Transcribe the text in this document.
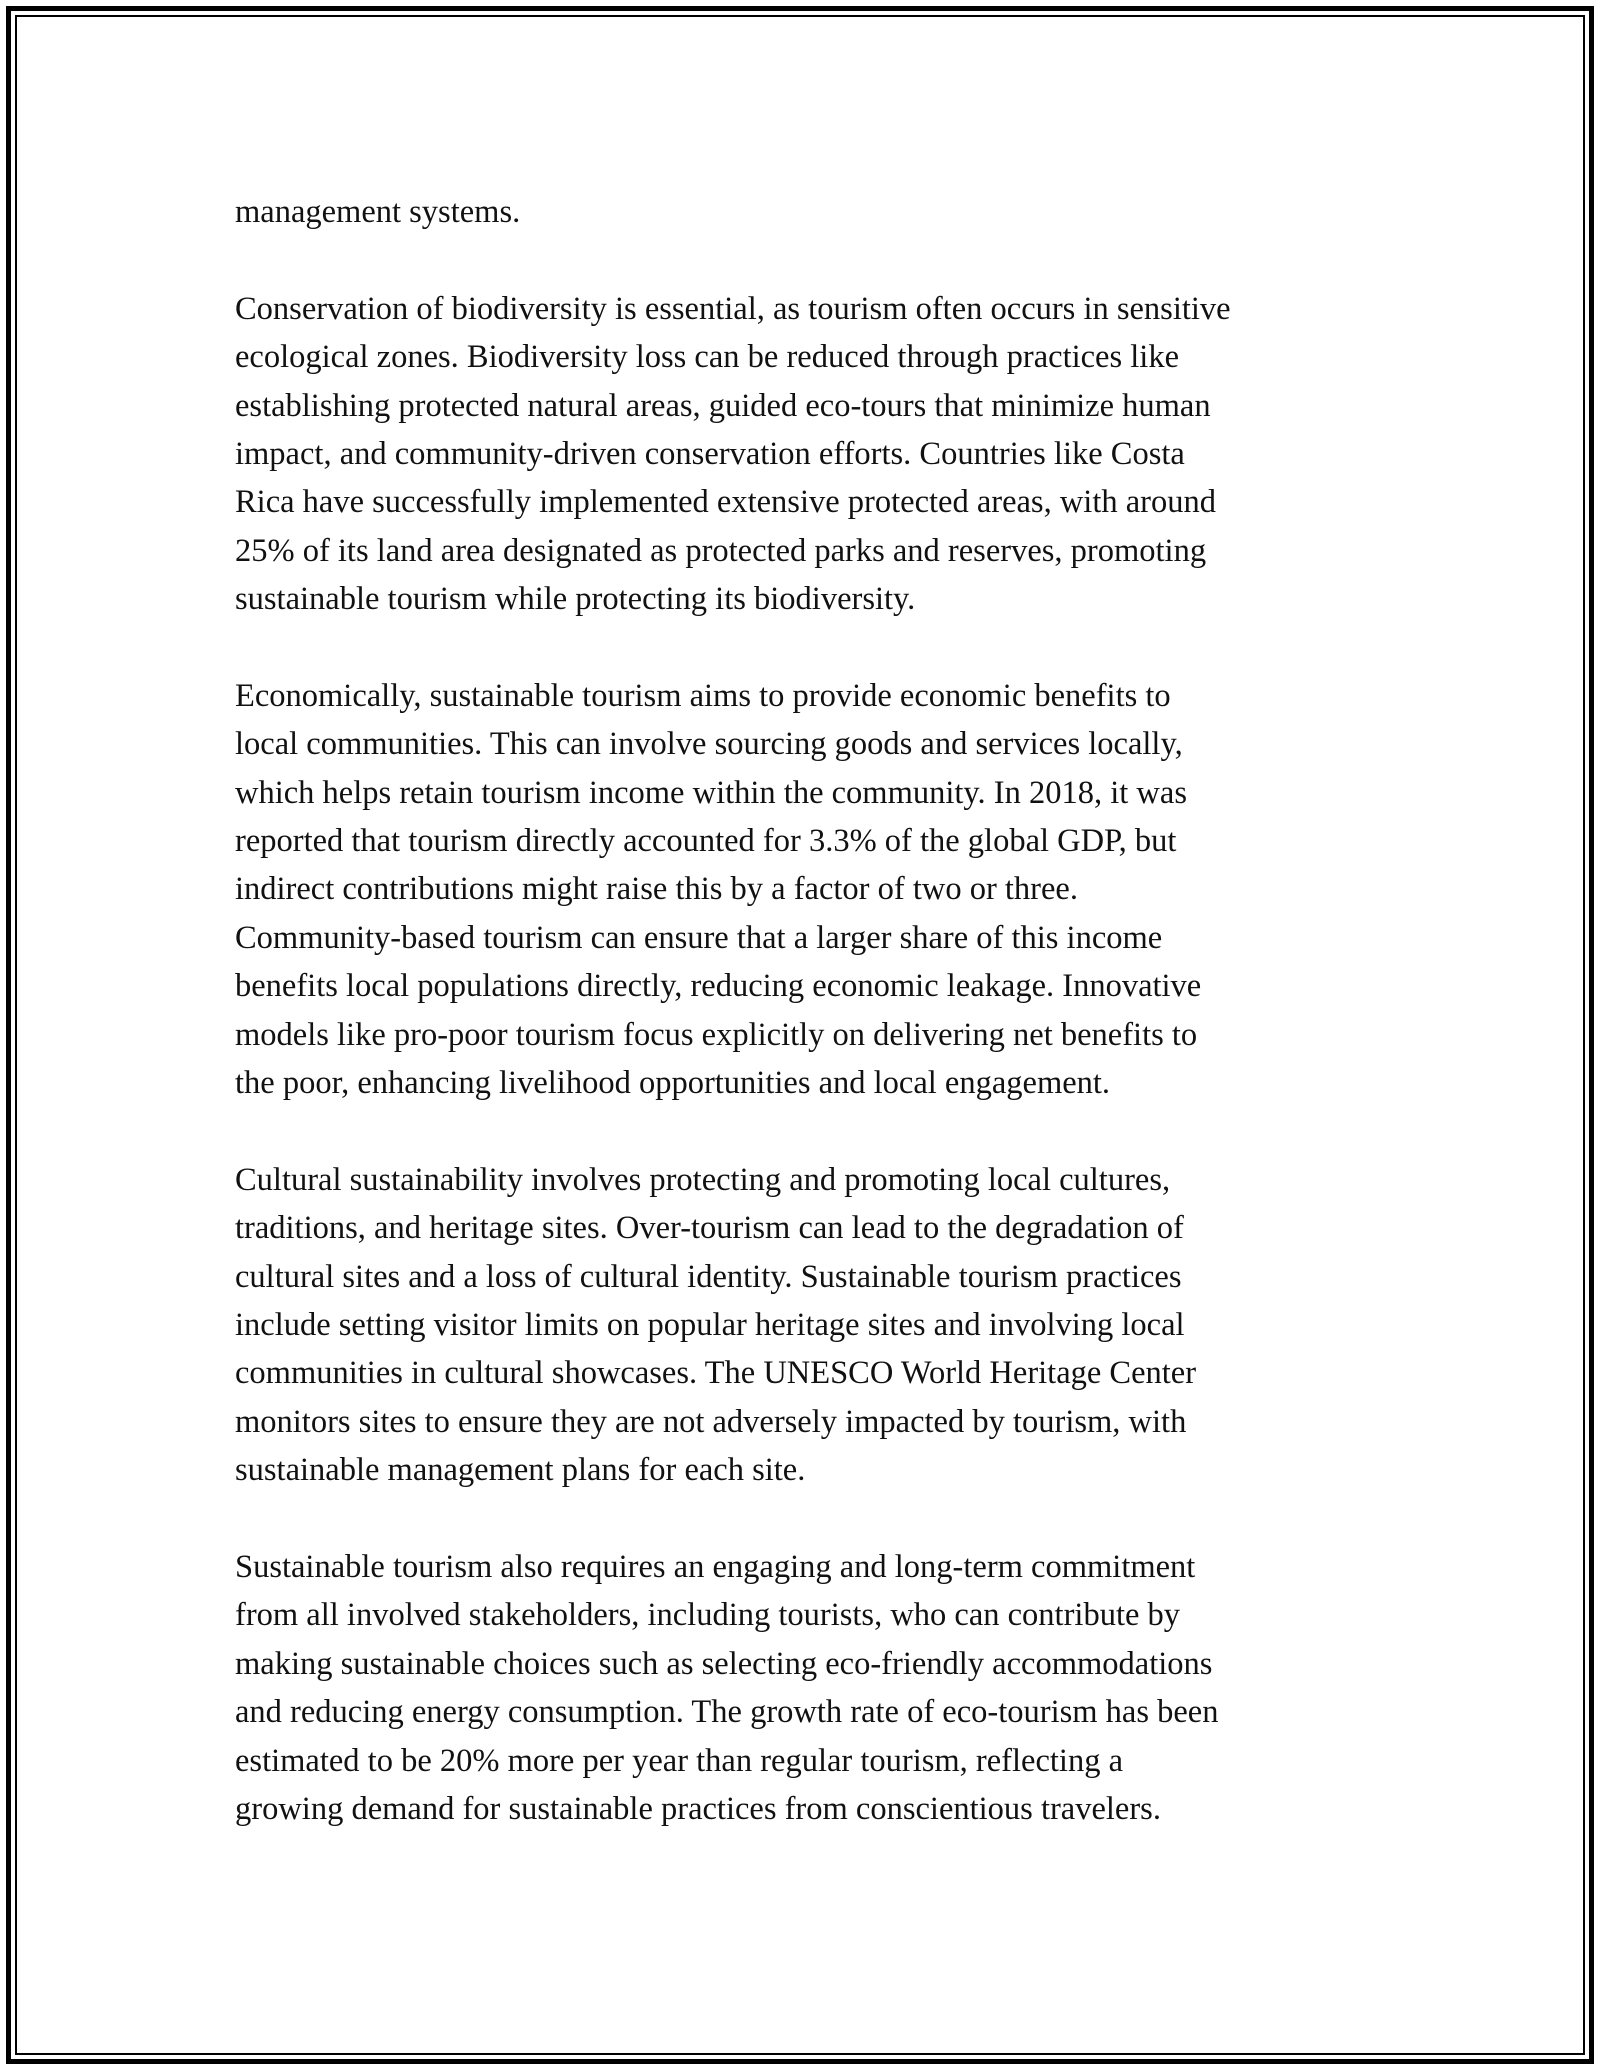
management systems.
Conservation of biodiversity is essential, as tourism often occurs in sensitive
ecological zones. Biodiversity loss can be reduced through practices like
establishing protected natural areas, guided eco-tours that minimize human
impact, and community-driven conservation efforts. Countries like Costa
Rica have successfully implemented extensive protected areas, with around
25% of its land area designated as protected parks and reserves, promoting
sustainable tourism while protecting its biodiversity.
Economically, sustainable tourism aims to provide economic benefits to
local communities. This can involve sourcing goods and services locally,
which helps retain tourism income within the community. In 2018, it was
reported that tourism directly accounted for 3.3% of the global GDP, but
indirect contributions might raise this by a factor of two or three.
Community-based tourism can ensure that a larger share of this income
benefits local populations directly, reducing economic leakage. Innovative
models like pro-poor tourism focus explicitly on delivering net benefits to
the poor, enhancing livelihood opportunities and local engagement.
Cultural sustainability involves protecting and promoting local cultures,
traditions, and heritage sites. Over-tourism can lead to the degradation of
cultural sites and a loss of cultural identity. Sustainable tourism practices
include setting visitor limits on popular heritage sites and involving local
communities in cultural showcases. The UNESCO World Heritage Center
monitors sites to ensure they are not adversely impacted by tourism, with
sustainable management plans for each site.
Sustainable tourism also requires an engaging and long-term commitment
from all involved stakeholders, including tourists, who can contribute by
making sustainable choices such as selecting eco-friendly accommodations
and reducing energy consumption. The growth rate of eco-tourism has been
estimated to be 20% more per year than regular tourism, reflecting a
growing demand for sustainable practices from conscientious travelers.
